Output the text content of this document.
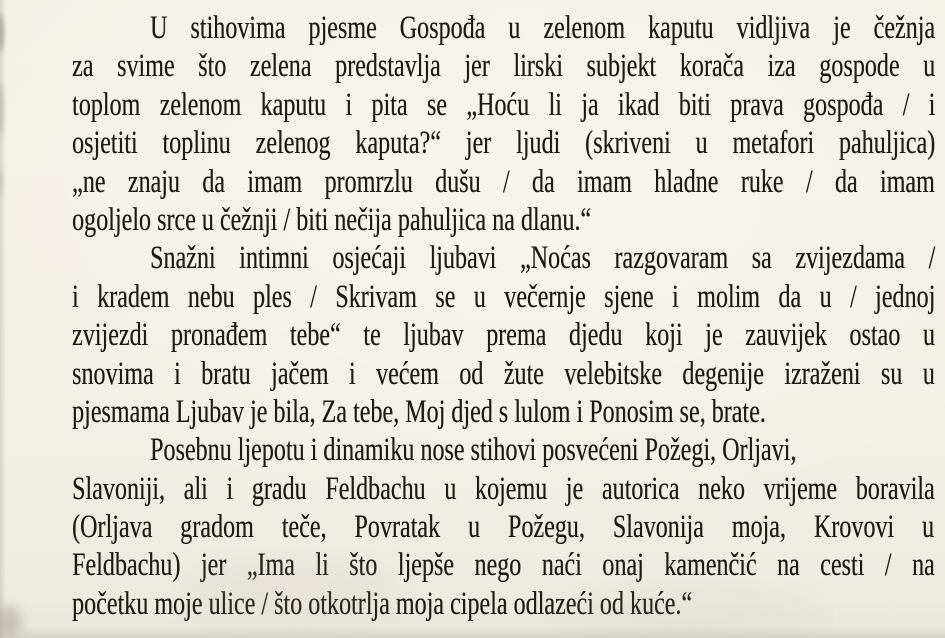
U stihovima pjesme Gospođa u zelenom kaputu vidljiva je čežnja
za svime što zelena predstavlja jer lirski subjekt korača iza gospode u
toplom zelenom kaputu i pita se „Hoću li ja ikad biti prava gospođa / i
osjetiti toplinu zelenog kaputa?“ jer ljudi (skriveni u metafori pahuljica)
„ne znaju da imam promrzlu dušu / da imam hladne ruke / da imam
ogoljelo srce u čežnji / biti nečija pahuljica na dlanu.“
Snažni intimni osjećaji ljubavi „Noćas razgovaram sa zvijezdama /
i kradem nebu ples / Skrivam se u večernje sjene i molim da u / jednoj
zvijezdi pronađem tebe“ te ljubav prema djedu koji je zauvijek ostao u
snovima i bratu jačem i većem od žute velebitske degenije izraženi su u
pjesmama Ljubav je bila, Za tebe, Moj djed s lulom i Ponosim se, brate.
Posebnu ljepotu i dinamiku nose stihovi posvećeni Požegi, Orljavi,
Slavoniji, ali i gradu Feldbachu u kojemu je autorica neko vrijeme boravila
(Orljava gradom teče, Povratak u Požegu, Slavonija moja, Krovovi u
Feldbachu) jer „Ima li što ljepše nego naći onaj kamenčić na cesti / na
početku moje ulice / što otkotrlja moja cipela odlazeći od kuće.“
